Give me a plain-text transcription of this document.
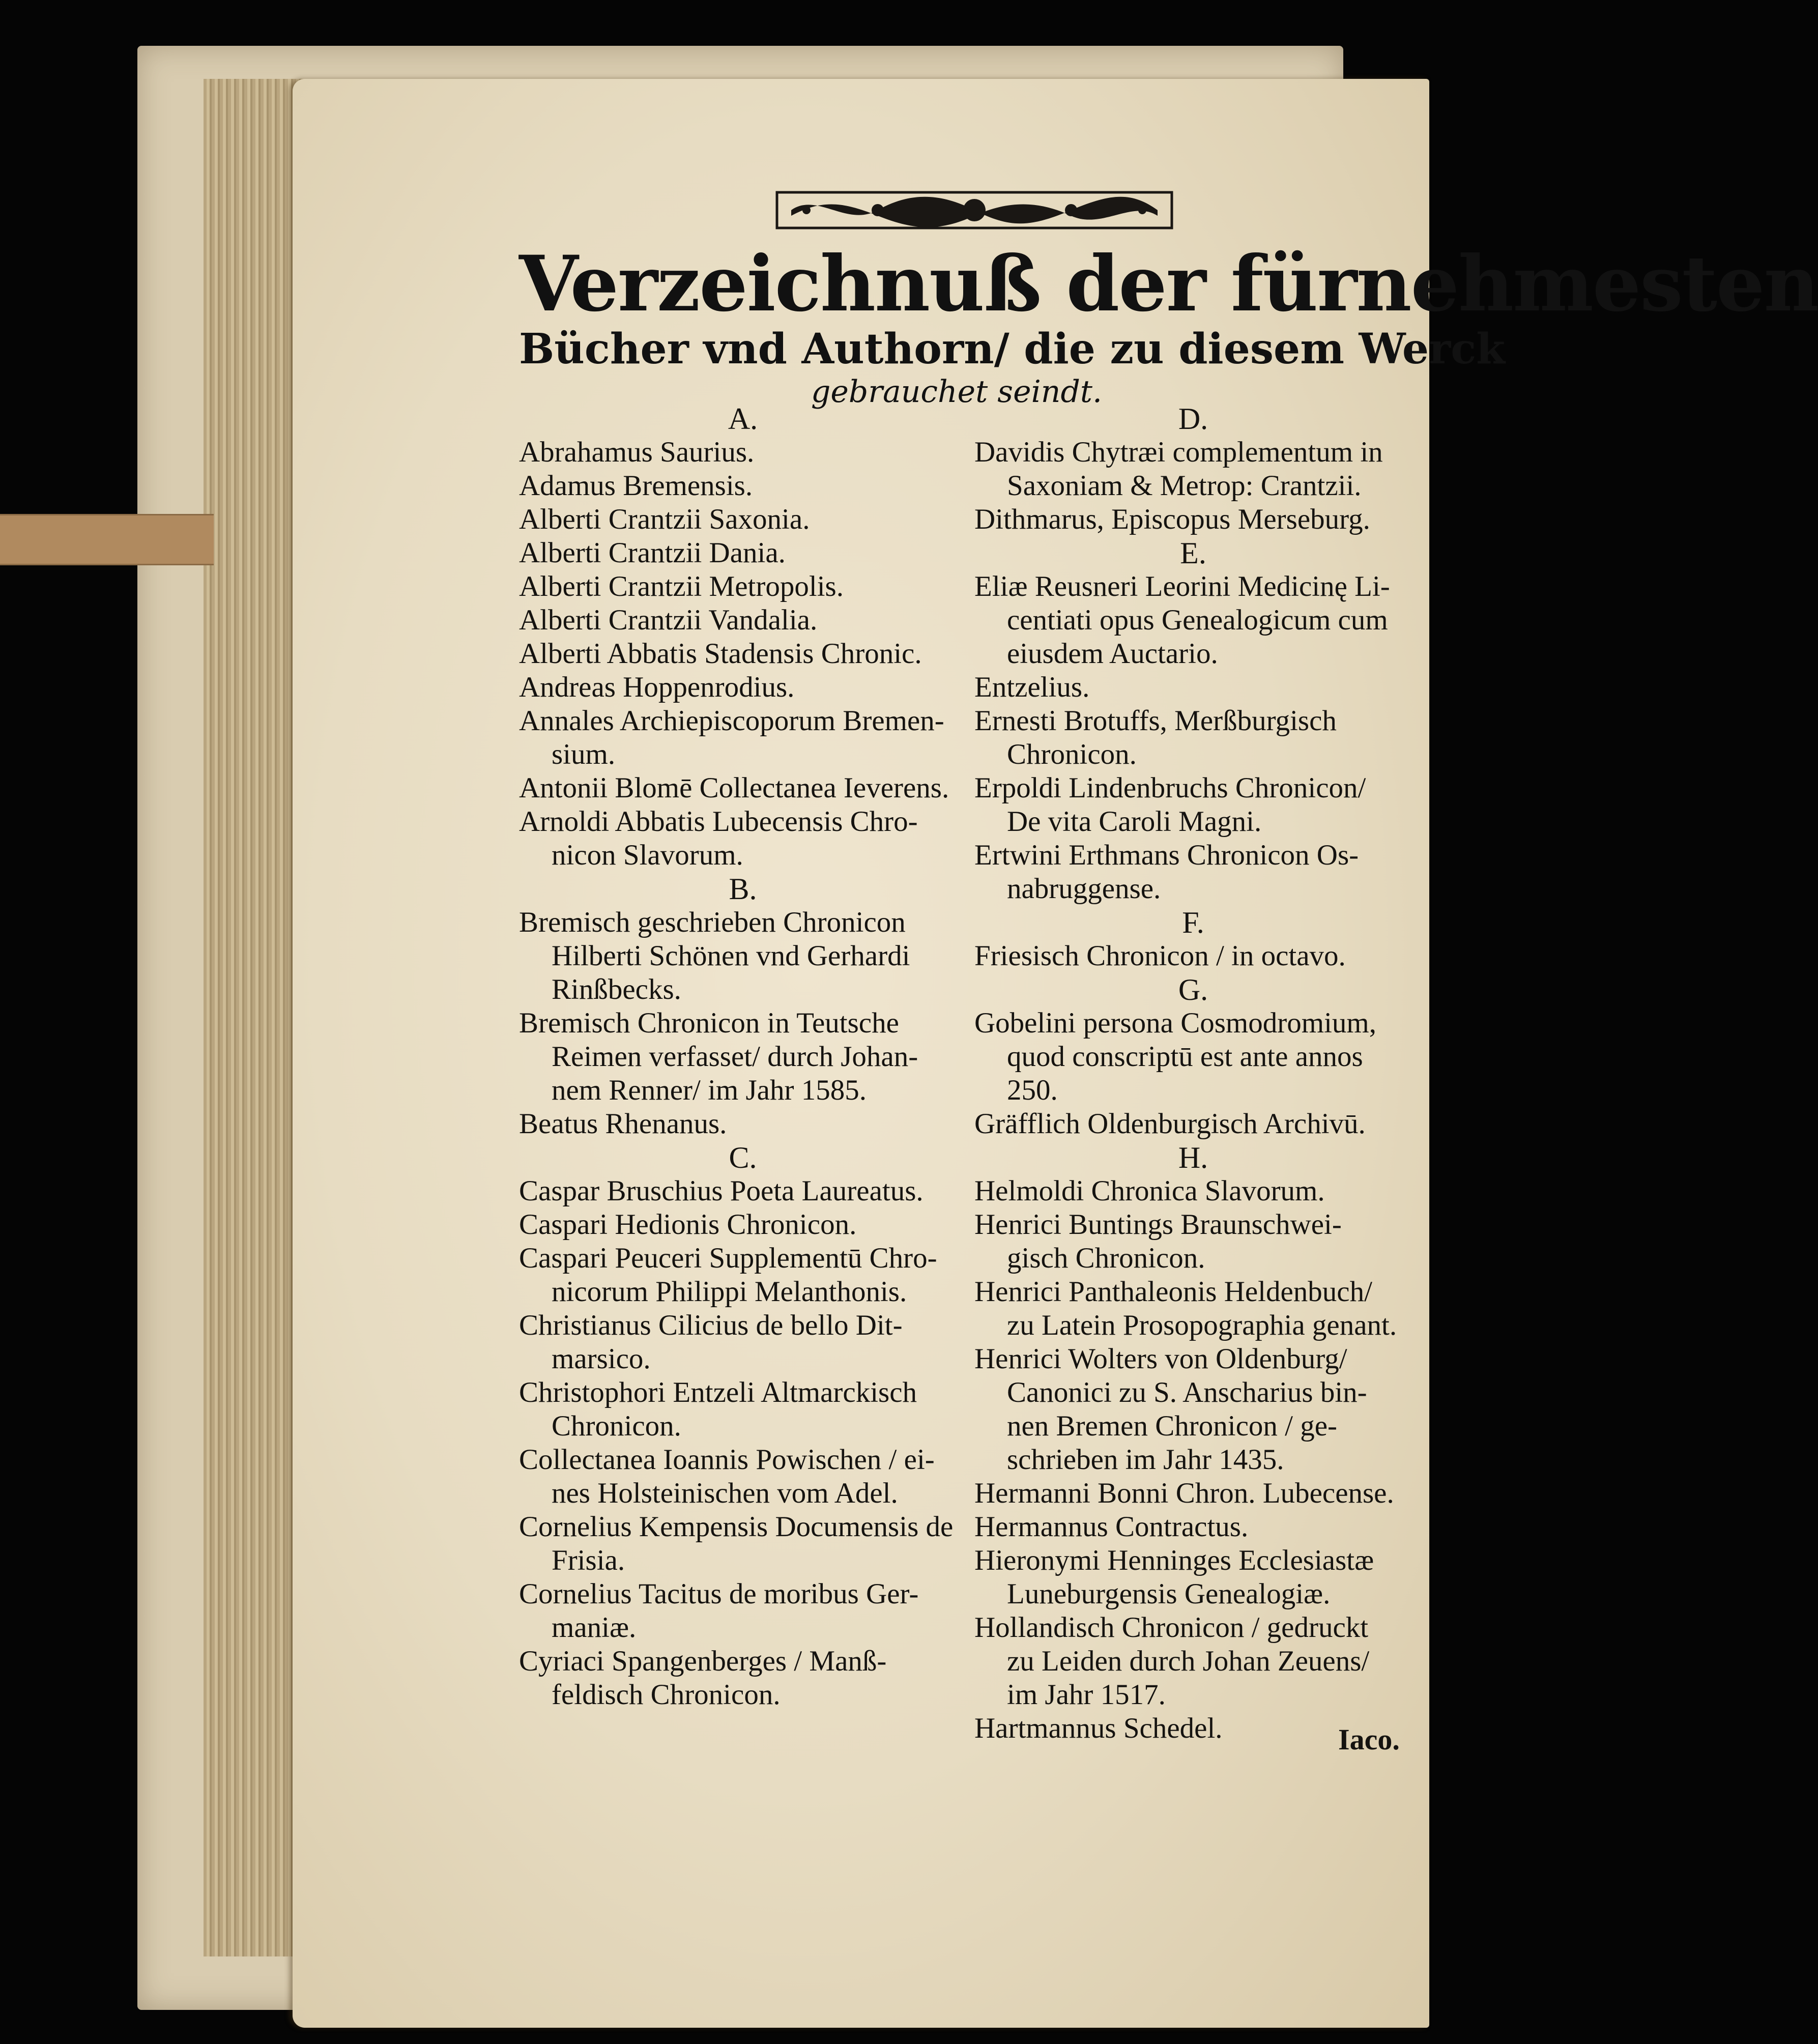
Verzeichnuß der fürnehmesten
Bücher vnd Authorn/ die zu diesem Werck
gebrauchet seindt.
A.
Abrahamus Saurius.
Adamus Bremensis.
Alberti Crantzii Saxonia.
Alberti Crantzii Dania.
Alberti Crantzii Metropolis.
Alberti Crantzii Vandalia.
Alberti Abbatis Stadensis Chronic.
Andreas Hoppenrodius.
Annales Archiepiscoporum Bremen-
sium.
Antonii Blomē Collectanea Ieverens.
Arnoldi Abbatis Lubecensis Chro-
nicon Slavorum.
B.
Bremisch geschrieben Chronicon
Hilberti Schönen vnd Gerhardi
Rinßbecks.
Bremisch Chronicon in Teutsche
Reimen verfasset/ durch Johan-
nem Renner/ im Jahr 1585.
Beatus Rhenanus.
C.
Caspar Bruschius Poeta Laureatus.
Caspari Hedionis Chronicon.
Caspari Peuceri Supplementū Chro-
nicorum Philippi Melanthonis.
Christianus Cilicius de bello Dit-
marsico.
Christophori Entzeli Altmarckisch
Chronicon.
Collectanea Ioannis Powischen / ei-
nes Holsteinischen vom Adel.
Cornelius Kempensis Documensis de
Frisia.
Cornelius Tacitus de moribus Ger-
maniæ.
Cyriaci Spangenberges / Manß-
feldisch Chronicon.
D.
Davidis Chytræi complementum in
Saxoniam & Metrop: Crantzii.
Dithmarus, Episcopus Merseburg.
E.
Eliæ Reusneri Leorini Medicinę Li-
centiati opus Genealogicum cum
eiusdem Auctario.
Entzelius.
Ernesti Brotuffs, Merßburgisch
Chronicon.
Erpoldi Lindenbruchs Chronicon/
De vita Caroli Magni.
Ertwini Erthmans Chronicon Os-
nabruggense.
F.
Friesisch Chronicon / in octavo.
G.
Gobelini persona Cosmodromium,
quod conscriptū est ante annos 250.
Gräfflich Oldenburgisch Archivū.
H.
Helmoldi Chronica Slavorum.
Henrici Buntings Braunschwei-
gisch Chronicon.
Henrici Panthaleonis Heldenbuch/
zu Latein Prosopographia genant.
Henrici Wolters von Oldenburg/
Canonici zu S. Anscharius bin-
nen Bremen Chronicon / ge-
schrieben im Jahr 1435.
Hermanni Bonni Chron. Lubecense.
Hermannus Contractus.
Hieronymi Henninges Ecclesiastæ
Luneburgensis Genealogiæ.
Hollandisch Chronicon / gedruckt
zu Leiden durch Johan Zeuens/
im Jahr 1517.
Hartmannus Schedel.	Iaco.
